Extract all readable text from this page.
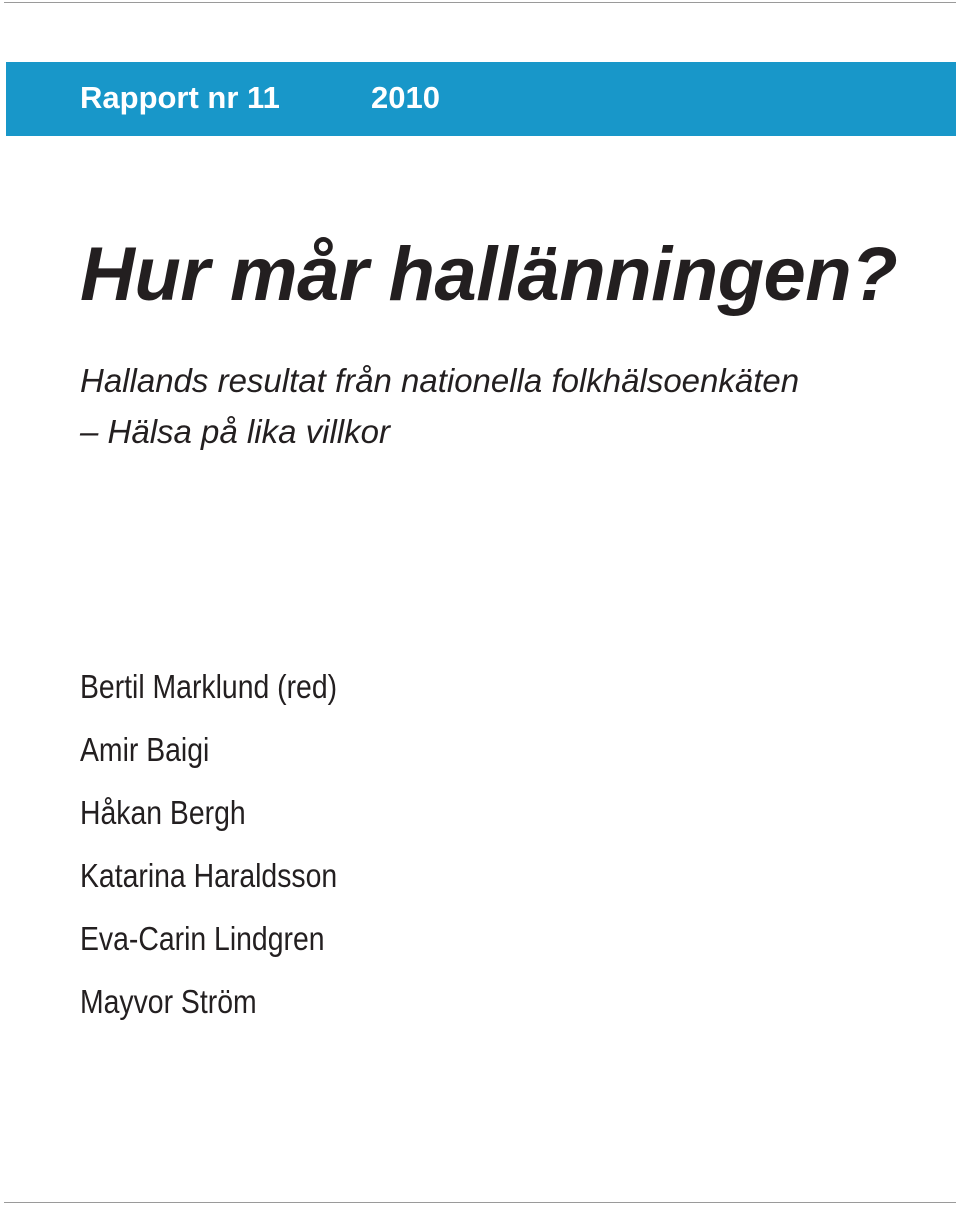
Rapport nr 11	2010
Hur mår hallänningen?
Hallands resultat från nationella folkhälsoenkäten
– Hälsa på lika villkor
Bertil Marklund (red)
Amir Baigi
Håkan Bergh
Katarina Haraldsson
Eva-Carin Lindgren
Mayvor Ström
